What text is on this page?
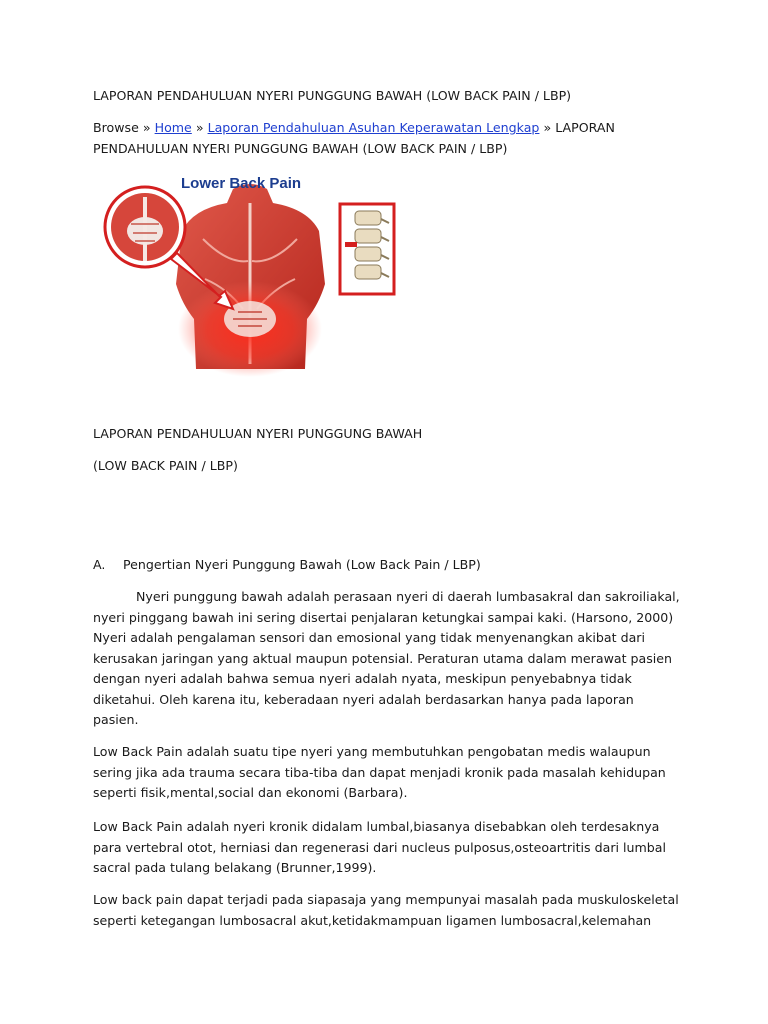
LAPORAN PENDAHULUAN NYERI PUNGGUNG BAWAH (LOW BACK PAIN / LBP)

Browse » Home » Laporan Pendahuluan Asuhan Keperawatan Lengkap » LAPORAN
PENDAHULUAN NYERI PUNGGUNG BAWAH (LOW BACK PAIN / LBP)

Lower Back Pain

LAPORAN PENDAHULUAN NYERI PUNGGUNG BAWAH

(LOW BACK PAIN / LBP)

A.	Pengertian Nyeri Punggung Bawah (Low Back Pain / LBP)

Nyeri punggung bawah adalah perasaan nyeri di daerah lumbasakral dan sakroiliakal,
nyeri pinggang bawah ini sering disertai penjalaran ketungkai sampai kaki. (Harsono, 2000)
Nyeri adalah pengalaman sensori dan emosional yang tidak menyenangkan akibat dari
kerusakan jaringan yang aktual maupun potensial. Peraturan utama dalam merawat pasien
dengan nyeri adalah bahwa semua nyeri adalah nyata, meskipun penyebabnya tidak
diketahui. Oleh karena itu, keberadaan nyeri adalah berdasarkan hanya pada laporan
pasien.

Low Back Pain adalah suatu tipe nyeri yang membutuhkan pengobatan medis walaupun
sering jika ada trauma secara tiba-tiba dan dapat menjadi kronik pada masalah kehidupan
seperti fisik,mental,social dan ekonomi (Barbara).

Low Back Pain adalah nyeri kronik didalam lumbal,biasanya disebabkan oleh terdesaknya
para vertebral otot, herniasi dan regenerasi dari nucleus pulposus,osteoartritis dari lumbal
sacral pada tulang belakang (Brunner,1999).

Low back pain dapat terjadi pada siapasaja yang mempunyai masalah pada muskuloskeletal
seperti ketegangan lumbosacral akut,ketidakmampuan ligamen lumbosacral,kelemahan
